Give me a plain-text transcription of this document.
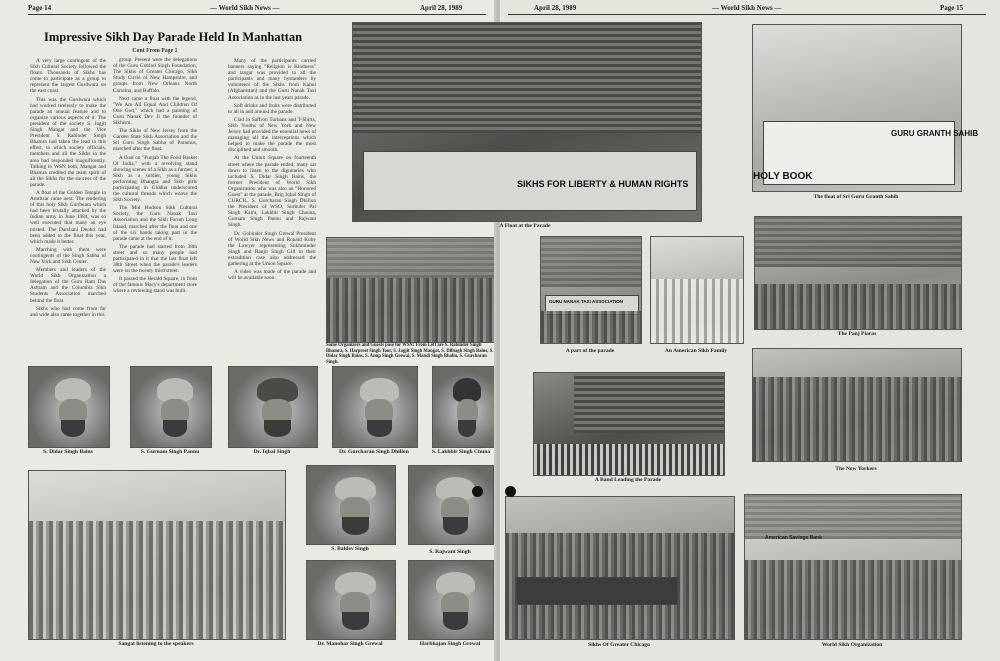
Page 14	— World Sikh News —	April 28, 1989
Impressive Sikh Day Parade Held In Manhattan

A very large contingent of the Sikh Cultural Society followed the floats. Thousands of Sikhs has come to participate as a group to represent the largest Gurdwara on the east coast.

This was the Gurdwara which had worked tirelessly to make the parade an annual feature and to organize various aspects of it. The president of the society S. Jagjit Singh Mangat and the Vice President S. Rabinder Singh Bhamra had taken the lead in this effort, to which society officials, members and all the Sikhs in the area had responded magnificently. Talking to WSN both, Mangat and Bhamra credited the team spirit of all the Sikhs for the success of the parade.

A float of the Golden Temple in Amritsar came next. The rendering of this holy Sikh Gurdwara which had been brutally attacked by the Indian army in June 1984, was so well executed that many an eye misted. The Darshani Deohri had been added to the float this year, which made it better.

Marching with them were contingents of the Singh Sabha of New York and Sikh Center.

Members and leaders of the World Sikh Organization a delegation of the Guru Ram Das Ashram and the Columbia Sikh Students Association marched behind the float.

Sikhs who had come from far and wide also came together in this

Cont From Page 1

group. Present were the delegations of the Guru Gobind Singh Foundation, The Sikhs of Greater Chicago, Sikh Study Circle of New Hampshire, and groups from New Orleans North Carolina, and Buffalo.

Next came a float with the legend, "We Are All Equal And Children Of One God," which had a painting of Guru Nanak Dev Ji the founder of Sikhism.

The Sikhs of New Jersey from the Garden State Sikh Association and the Sri Guru Singh Sabha of Paramus, marched after the float.

A float on "Punjab The Food Basket Of India," with a revolving stand showing scenes of a Sikh as a farmer, a Sikh as a soldier, young Sikhs performing Bhangra and Sikh girls participating in Giddha underscored the cultural threads which weave the Sikh Society.

The Mid Hudson Sikh Cultural Society, the Guru Nanak Taxi Association and the Sikh Forum Long Island, marched after the float and one of the six bands taking part in the parade came at the end of it.

The parade had started from 38th street and so many people had participated in it that the last float left 38th Street when the parade's leaders were on the twenty third street.

It passed the Herald Square, in front of the famous Macy's department store where a reviewing stand was built.

Many of the participants carried banners saying "Religion is Kindness" and langar was provided to all the participants and many bystanders by volunteers of the Sikhs from Kabul (Afghanistan) and the Guru Nanak Taxi Association as in the last years parade.

Soft drinks and fruits were distributed to all in and around the parade.

Clad in Saffron Turbans and T-Shirts, Sikh Youths of New York and New Jersey had provided the essential news of managing all the interceptions which helped to make the parade the most disciplined and smooth.

At the Union Square on fourteenth street where the parade ended, many sat down to listen to the dignitaries who included S. Didar Singh Bains, the former President of World Sikh Organization who was also an "Honored Guest" at the parade, Brig Iqbal Singh of CURCIL, S. Gurcharan Singh Dhillon the President of WSO, Surinder Pal Singh Kalra, Lakhbir Singh Chauna, Gurnam Singh Pannu and Rajwant Singh.

Dr. Gobinder Singh Grewal President of World Sikh News and Ronald Kuby the Lawyer representing Sukhminder Singh and Ranjit Singh Gill in their extradition case also addressed the gathering at the Union Square.

A video was made of the parade and will be available soon.

Some Organizers and Guests pose for WSN: From Left are S. Rabinder Singh Bhamra, S. Harpreet Singh Toor, S. Jagjit Singh Mangat, S. Dilbagh Singh Bains, S. Didar Singh Bains, S. Anup Singh Grewal, S. Mandi Singh Bhaliu, S. Gurcharan Singh.
S. Didar Singh Bains	S. Gurnam Singh Pannu	Dr. Iqbal Singh	Dr. Gurcharan Singh Dhillon	S. Lakhbir Singh Chuna
Sangat listening to the speakers
S. Baldev Singh	S. Rajwant Singh
Dr. Manohar Singh Grewal	Harbhajan Singh Grewal
April 28, 1989	— World Sikh News —	Page 15
SIKHS FOR LIBERTY & HUMAN RIGHTS
A Float at the Parade
GURU GRANTH SAHIB
HOLY BOOK
The float of Sri Guru Granth Sahib
GURU NANAK TAXI ASSOCIATION
A part of the parade	An American Sikh Family
The Panj Piaras
A Band Leading the Parade
The New Yorkers
Sikhs Of Greater Chicago
American Savings Bank
World Sikh Organization
